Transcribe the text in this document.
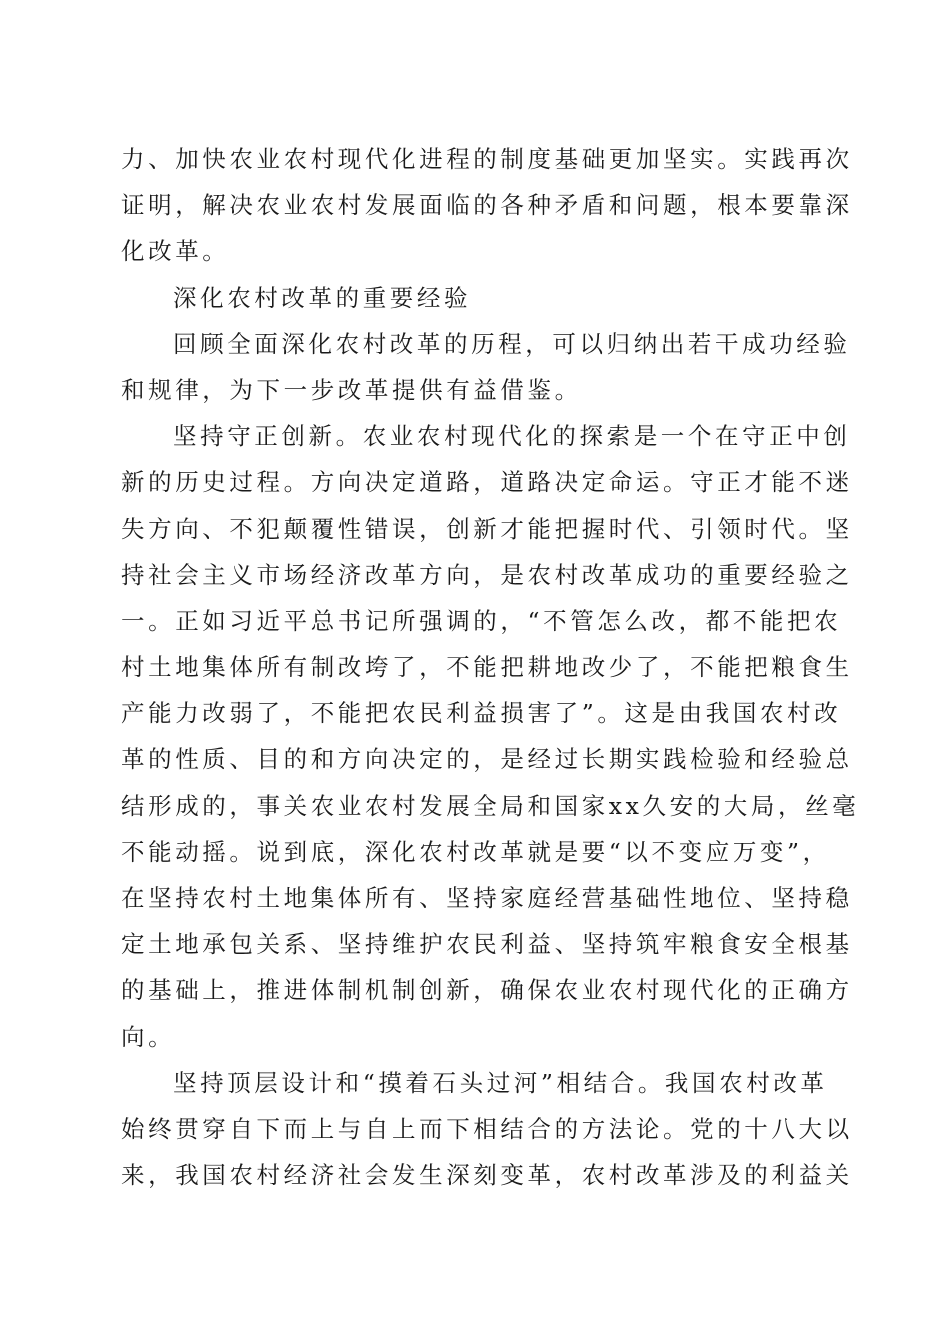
力、加快农业农村现代化进程的制度基础更加坚实。实践再次
证明，解决农业农村发展面临的各种矛盾和问题，根本要靠深
化改革。
深化农村改革的重要经验
回顾全面深化农村改革的历程，可以归纳出若干成功经验
和规律，为下一步改革提供有益借鉴。
坚持守正创新。农业农村现代化的探索是一个在守正中创
新的历史过程。方向决定道路，道路决定命运。守正才能不迷
失方向、不犯颠覆性错误，创新才能把握时代、引领时代。坚
持社会主义市场经济改革方向，是农村改革成功的重要经验之
一。正如习近平总书记所强调的，“不管怎么改，都不能把农
村土地集体所有制改垮了，不能把耕地改少了，不能把粮食生
产能力改弱了，不能把农民利益损害了”。这是由我国农村改
革的性质、目的和方向决定的，是经过长期实践检验和经验总
结形成的，事关农业农村发展全局和国家xx久安的大局，丝毫
不能动摇。说到底，深化农村改革就是要“以不变应万变”，
在坚持农村土地集体所有、坚持家庭经营基础性地位、坚持稳
定土地承包关系、坚持维护农民利益、坚持筑牢粮食安全根基
的基础上，推进体制机制创新，确保农业农村现代化的正确方
向。
坚持顶层设计和“摸着石头过河”相结合。我国农村改革
始终贯穿自下而上与自上而下相结合的方法论。党的十八大以
来，我国农村经济社会发生深刻变革，农村改革涉及的利益关
